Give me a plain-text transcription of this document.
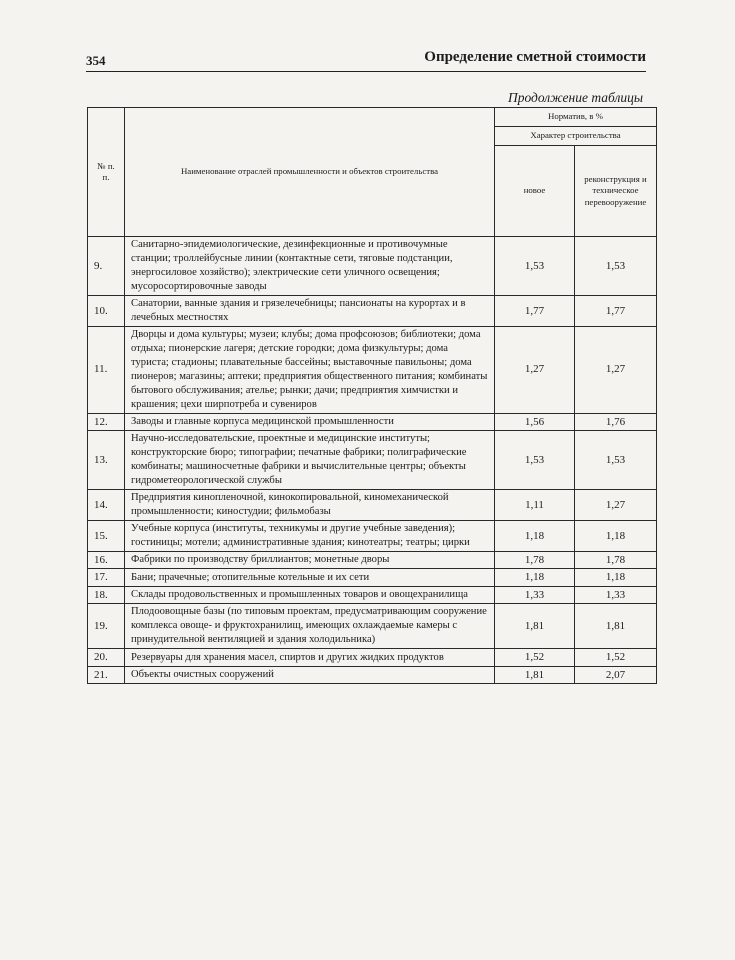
354	Определение сметной стоимости
Продолжение таблицы
№ п. п.	Наименование отраслей промышленности и объектов строительства	Норматив, в %	
		Характер строительства	
		новое	реконструкция и техническое перевооружение
9.	Санитарно-эпидемиологические, дезинфекционные и противочумные станции; троллейбусные линии (контактные сети, тяговые подстанции, энергосиловое хозяйство); электрические сети уличного освещения; мусоросортировочные заводы	1,53	1,53
10.	Санатории, ванные здания и грязелечебницы; пансионаты на курортах и в лечебных местностях	1,77	1,77
11.	Дворцы и дома культуры; музеи; клубы; дома профсоюзов; библиотеки; дома отдыха; пионерские лагеря; детские городки; дома физкультуры; дома туриста; стадионы; плавательные бассейны; выставочные павильоны; дома пионеров; магазины; аптеки; предприятия общественного питания; комбинаты бытового обслуживания; ателье; рынки; дачи; предприятия химчистки и крашения; цехи ширпотреба и сувениров	1,27	1,27
12.	Заводы и главные корпуса медицинской промышленности	1,56	1,76
13.	Научно-исследовательские, проектные и медицинские институты; конструкторские бюро; типографии; печатные фабрики; полиграфические комбинаты; машиносчетные фабрики и вычислительные центры; объекты гидрометеорологической службы	1,53	1,53
14.	Предприятия кинопленочной, кинокопировальной, киномеханической промышленности; киностудии; фильмобазы	1,11	1,27
15.	Учебные корпуса (институты, техникумы и другие учебные заведения); гостиницы; мотели; административные здания; кинотеатры; театры; цирки	1,18	1,18
16.	Фабрики по производству бриллиантов; монетные дворы	1,78	1,78
17.	Бани; прачечные; отопительные котельные и их сети	1,18	1,18
18.	Склады продовольственных и промышленных товаров и овощехранилища	1,33	1,33
19.	Плодоовощные базы (по типовым проектам, предусматривающим сооружение комплекса овоще- и фруктохранилищ, имеющих охлаждаемые камеры с принудительной вентиляцией и здания холодильника)	1,81	1,81
20.	Резервуары для хранения масел, спиртов и других жидких продуктов	1,52	1,52
21.	Объекты очистных сооружений	1,81	2,07
